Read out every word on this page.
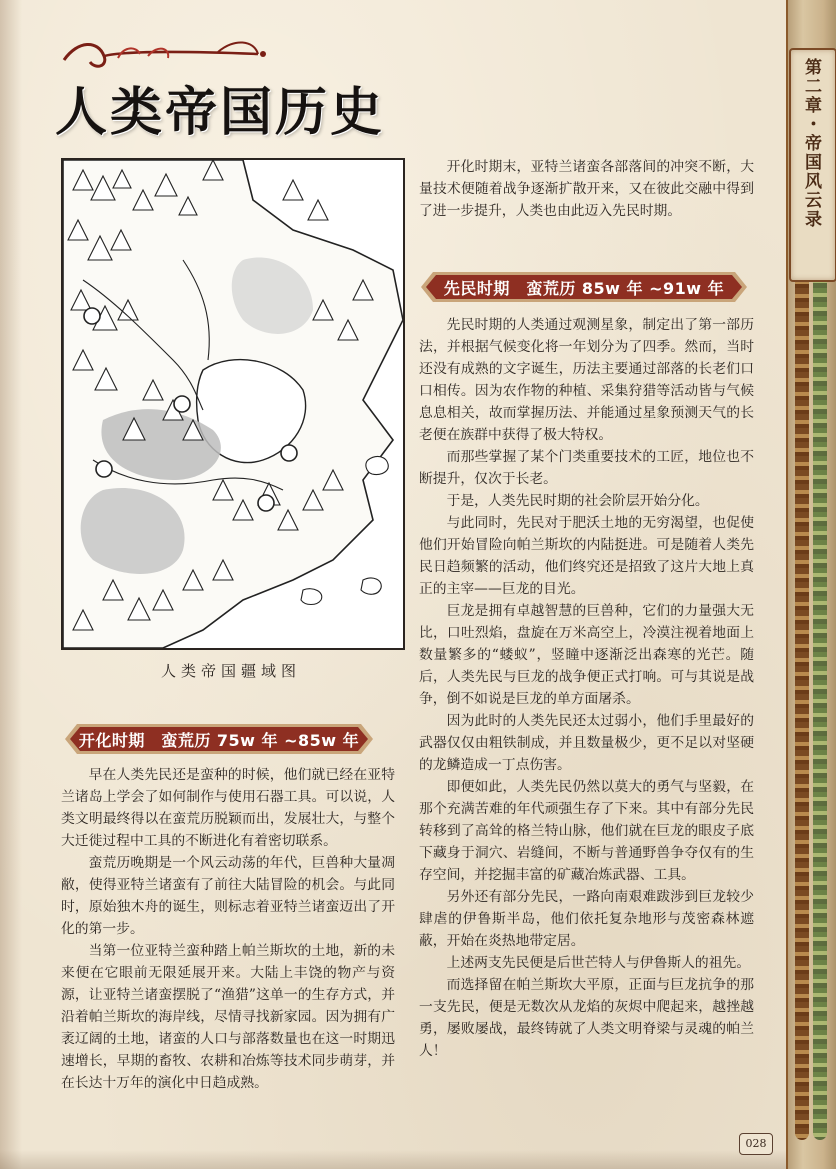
人类帝国历史	第二章・帝国风云录

人类帝国疆域图

开化时期　蛮荒历 75w 年 ~85w 年

早在人类先民还是蛮种的时候，他们就已经在亚特兰诸岛上学会了如何制作与使用石器工具。可以说，人类文明最终得以在蛮荒历脱颖而出，发展壮大，与整个大迁徙过程中工具的不断进化有着密切联系。

蛮荒历晚期是一个风云动荡的年代，巨兽种大量凋敝，使得亚特兰诸蛮有了前往大陆冒险的机会。与此同时，原始独木舟的诞生，则标志着亚特兰诸蛮迈出了开化的第一步。

当第一位亚特兰蛮种踏上帕兰斯坎的土地，新的未来便在它眼前无限延展开来。大陆上丰饶的物产与资源，让亚特兰诸蛮摆脱了“渔猎”这单一的生存方式，并沿着帕兰斯坎的海岸线，尽情寻找新家园。因为拥有广袤辽阔的土地，诸蛮的人口与部落数量也在这一时期迅速增长，早期的畜牧、农耕和冶炼等技术同步萌芽，并在长达十万年的演化中日趋成熟。

开化时期末，亚特兰诸蛮各部落间的冲突不断，大量技术便随着战争逐渐扩散开来，又在彼此交融中得到了进一步提升，人类也由此迈入先民时期。

先民时期　蛮荒历 85w 年 ~91w 年

先民时期的人类通过观测星象，制定出了第一部历法，并根据气候变化将一年划分为了四季。然而，当时还没有成熟的文字诞生，历法主要通过部落的长老们口口相传。因为农作物的种植、采集狩猎等活动皆与气候息息相关，故而掌握历法、并能通过星象预测天气的长老便在族群中获得了极大特权。

而那些掌握了某个门类重要技术的工匠，地位也不断提升，仅次于长老。

于是，人类先民时期的社会阶层开始分化。

与此同时，先民对于肥沃土地的无穷渴望，也促使他们开始冒险向帕兰斯坎的内陆挺进。可是随着人类先民日趋频繁的活动，他们终究还是招致了这片大地上真正的主宰——巨龙的目光。

巨龙是拥有卓越智慧的巨兽种，它们的力量强大无比，口吐烈焰，盘旋在万米高空上，冷漠注视着地面上数量繁多的“蝼蚁”，竖瞳中逐渐泛出森寒的光芒。随后，人类先民与巨龙的战争便正式打响。可与其说是战争，倒不如说是巨龙的单方面屠杀。

因为此时的人类先民还太过弱小，他们手里最好的武器仅仅由粗铁制成，并且数量极少，更不足以对坚硬的龙鳞造成一丁点伤害。

即便如此，人类先民仍然以莫大的勇气与坚毅，在那个充满苦难的年代顽强生存了下来。其中有部分先民转移到了高耸的格兰特山脉，他们就在巨龙的眼皮子底下藏身于洞穴、岩缝间，不断与普通野兽争夺仅有的生存空间，并挖掘丰富的矿藏冶炼武器、工具。

另外还有部分先民，一路向南艰难跋涉到巨龙较少肆虐的伊鲁斯半岛，他们依托复杂地形与茂密森林遮蔽，开始在炎热地带定居。

上述两支先民便是后世芒特人与伊鲁斯人的祖先。

而选择留在帕兰斯坎大平原，正面与巨龙抗争的那一支先民，便是无数次从龙焰的灰烬中爬起来，越挫越勇，屡败屡战，最终铸就了人类文明脊梁与灵魂的帕兰人！

028
